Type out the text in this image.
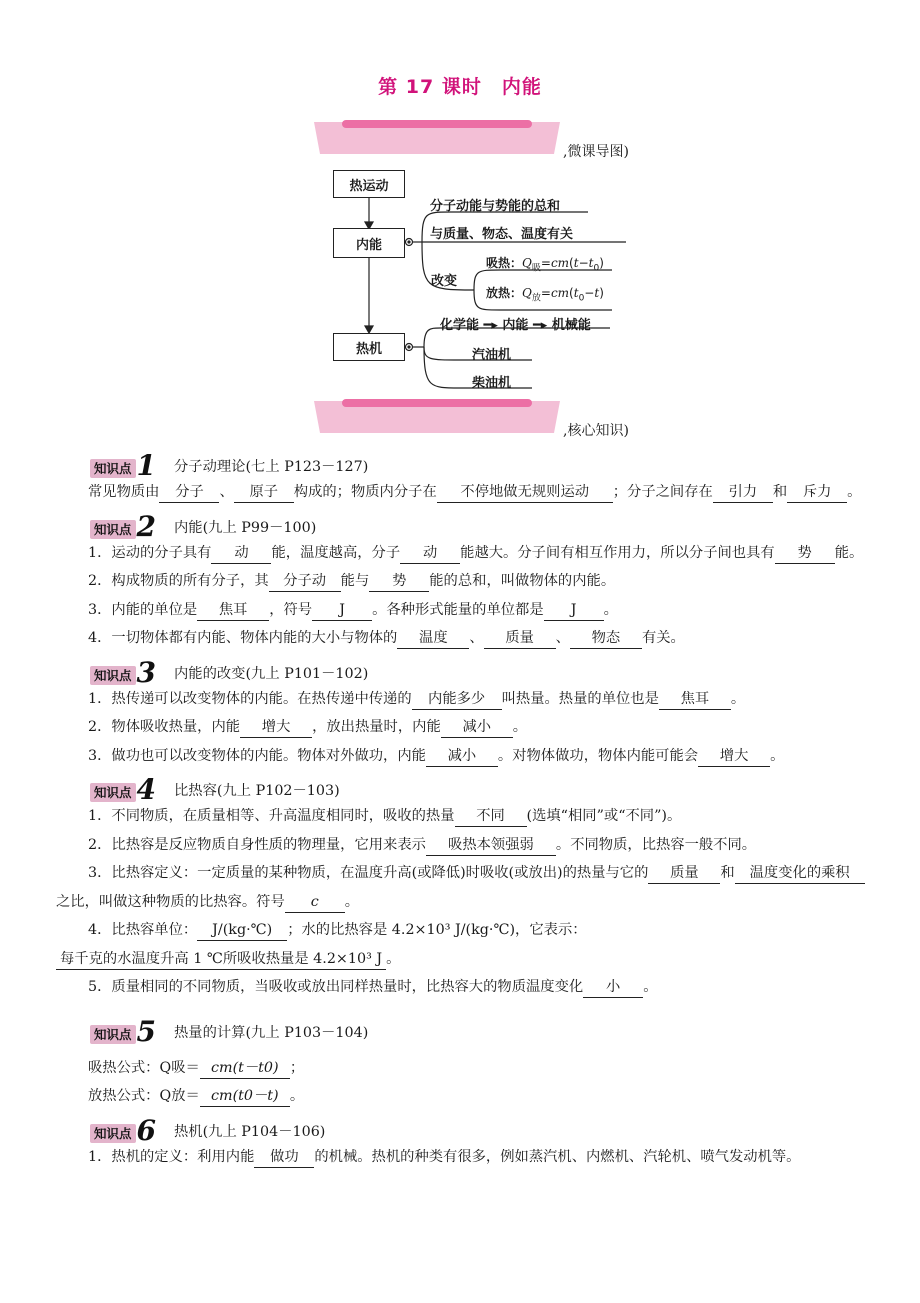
第 17 课时　内能
,微课导图)
热运动
内能
热机
分子动能与势能的总和
与质量、物态、温度有关
改变
吸热：$Q_吸=cm(t-t_0)$
放热：$Q_放=cm(t_0-t)$
化学能 ━▸ 内能 ━▸ 机械能
汽油机
柴油机
,核心知识)
知识点 1 分子动理论(七上 P123－127)
常见物质由 分子 、 原子 构成的；物质内分子在 不停地做无规则运动 ；分子之间存在 引力 和 斥力 。
知识点 2 内能(九上 P99－100)
1．运动的分子具有 动 能，温度越高，分子 动 能越大。分子间有相互作用力，所以分子间也具有 势 能。
2．构成物质的所有分子，其 分子动 能与 势 能的总和，叫做物体的内能。
3．内能的单位是 焦耳 ，符号 J 。各种形式能量的单位都是 J 。
4．一切物体都有内能、物体内能的大小与物体的 温度 、 质量 、 物态 有关。
知识点 3 内能的改变(九上 P101－102)
1．热传递可以改变物体的内能。在热传递中传递的 内能多少 叫热量。热量的单位也是 焦耳 。
2．物体吸收热量，内能 增大 ，放出热量时，内能 减小 。
3．做功也可以改变物体的内能。物体对外做功，内能 减小 。对物体做功，物体内能可能会 增大 。
知识点 4 比热容(九上 P102－103)
1．不同物质，在质量相等、升高温度相同时，吸收的热量 不同 (选填“相同”或“不同”)。
2．比热容是反应物质自身性质的物理量，它用来表示 吸热本领强弱 。不同物质，比热容一般不同。
3．比热容定义：一定质量的某种物质，在温度升高(或降低)时吸收(或放出)的热量与它的 质量 和 温度变化的乘积之比，叫做这种物质的比热容。符号 c 。
4．比热容单位： J/(kg·℃) ；水的比热容是 4.2×10³ J/(kg·℃)，它表示：每千克的水温度升高 1 ℃所吸收热量是 4.2×10³ J 。
5．质量相同的不同物质，当吸收或放出同样热量时，比热容大的物质温度变化 小 。
知识点 5 热量的计算(九上 P103－104)
吸热公式：Q吸＝ cm(t－t0) ；
放热公式：Q放＝ cm(t0－t) 。
知识点 6 热机(九上 P104－106)
1．热机的定义：利用内能 做功 的机械。热机的种类有很多，例如蒸汽机、内燃机、汽轮机、喷气发动机等。
